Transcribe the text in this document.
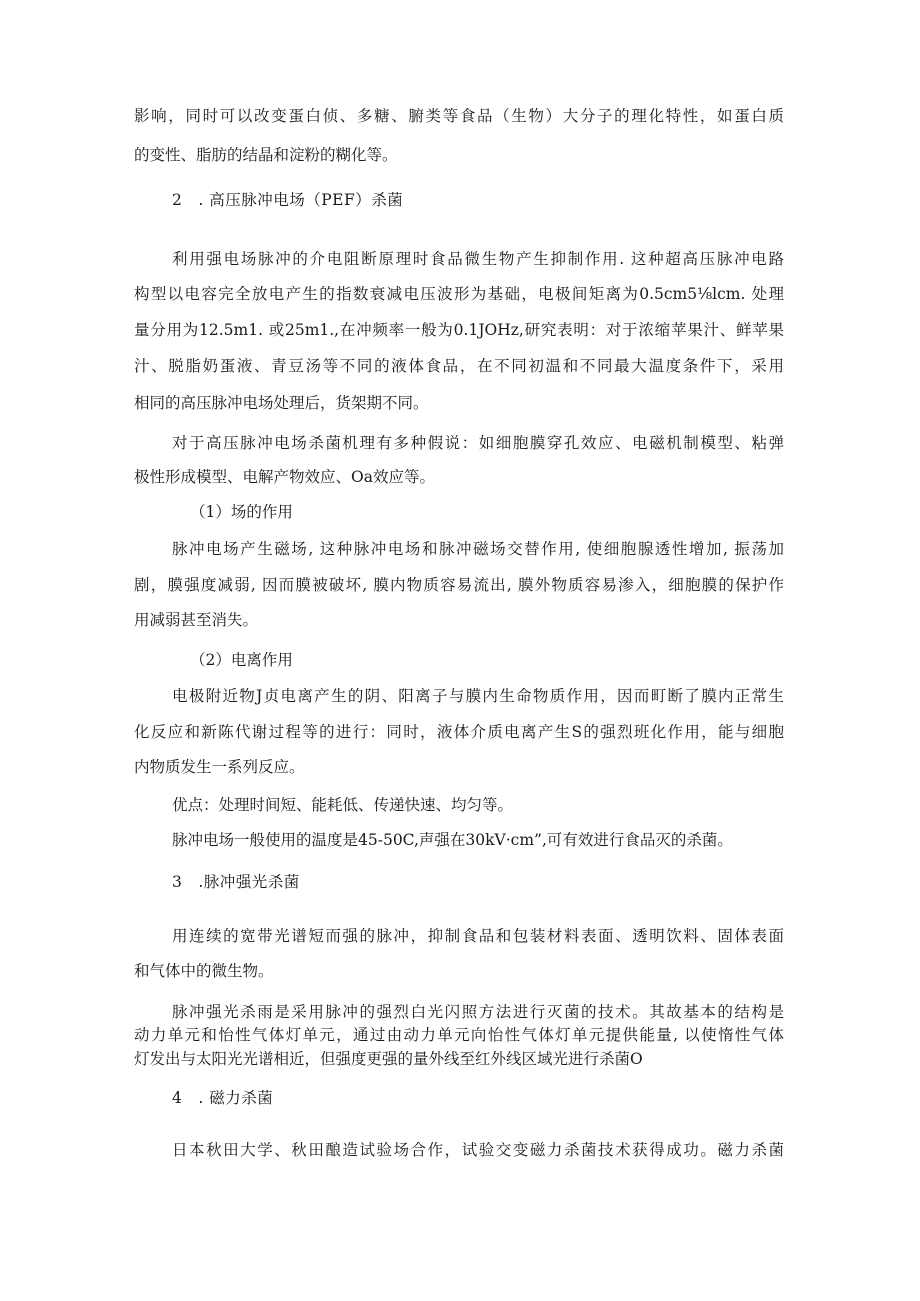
影响，同时可以改变蛋白侦、多糖、腑类等食品（生物）大分子的理化特性，如蛋白质
的变性、脂肪的结晶和淀粉的糊化等。
2　. 高压脉冲电场（PEF）杀菌
利用强电场脉冲的介电阻断原理时食品微生物产生抑制作用. 这种超高压脉冲电路
构型以电容完全放电产生的指数衰减电压波形为基础，电极间矩离为0.5cm5⅛lcm. 处理
量分用为12.5m1. 或25m1.,在冲频率一般为0.1JOHz,研究表明：对于浓缩苹果汁、鲜苹果
汁、脱脂奶蛋液、青豆汤等不同的液体食品，在不同初温和不同最大温度条件下，采用
相同的高压脉冲电场处理后，货架期不同。
对于高压脉冲电场杀菌机理有多种假说：如细胞膜穿孔效应、电磁机制模型、粘弹
极性形成模型、电解产物效应、Oa效应等。
（1）场的作用
脉冲电场产生磁场, 这种脉冲电场和脉冲磁场交替作用, 使细胞腺透性增加, 振荡加
剧，膜强度减弱, 因而膜被破坏, 膜内物质容易流出, 膜外物质容易渗入，细胞膜的保护作
用减弱甚至消失。
（2）电离作用
电极附近物J贞电离产生的阴、阳离子与膜内生命物质作用，因而町断了膜内正常生
化反应和新陈代谢过程等的进行：同时，液体介质电离产生S的强烈班化作用，能与细胞
内物质发生一系列反应。
优点：处理时间短、能耗低、传递快速、均匀等。
脉冲电场一般使用的温度是45-50C,声强在30kV·cm”,可有效进行食品灭的杀菌。
3　.脉冲强光杀菌
用连续的宽带光谱短而强的脉冲，抑制食品和包装材料表面、透明饮料、固体表面
和气体中的微生物。
脉冲强光杀雨是采用脉冲的强烈白光闪照方法进行灭菌的技术。其故基本的结构是
动力单元和怡性气体灯单元，通过由动力单元向怡性气体灯单元提供能量, 以使惰性气体
灯发出与太阳光光谱相近，但强度更强的量外线至红外线区域光进行杀菌O
4　. 磁力杀菌
日本秋田大学、秋田酿造试验场合作，试验交变磁力杀菌技术获得成功。磁力杀菌
